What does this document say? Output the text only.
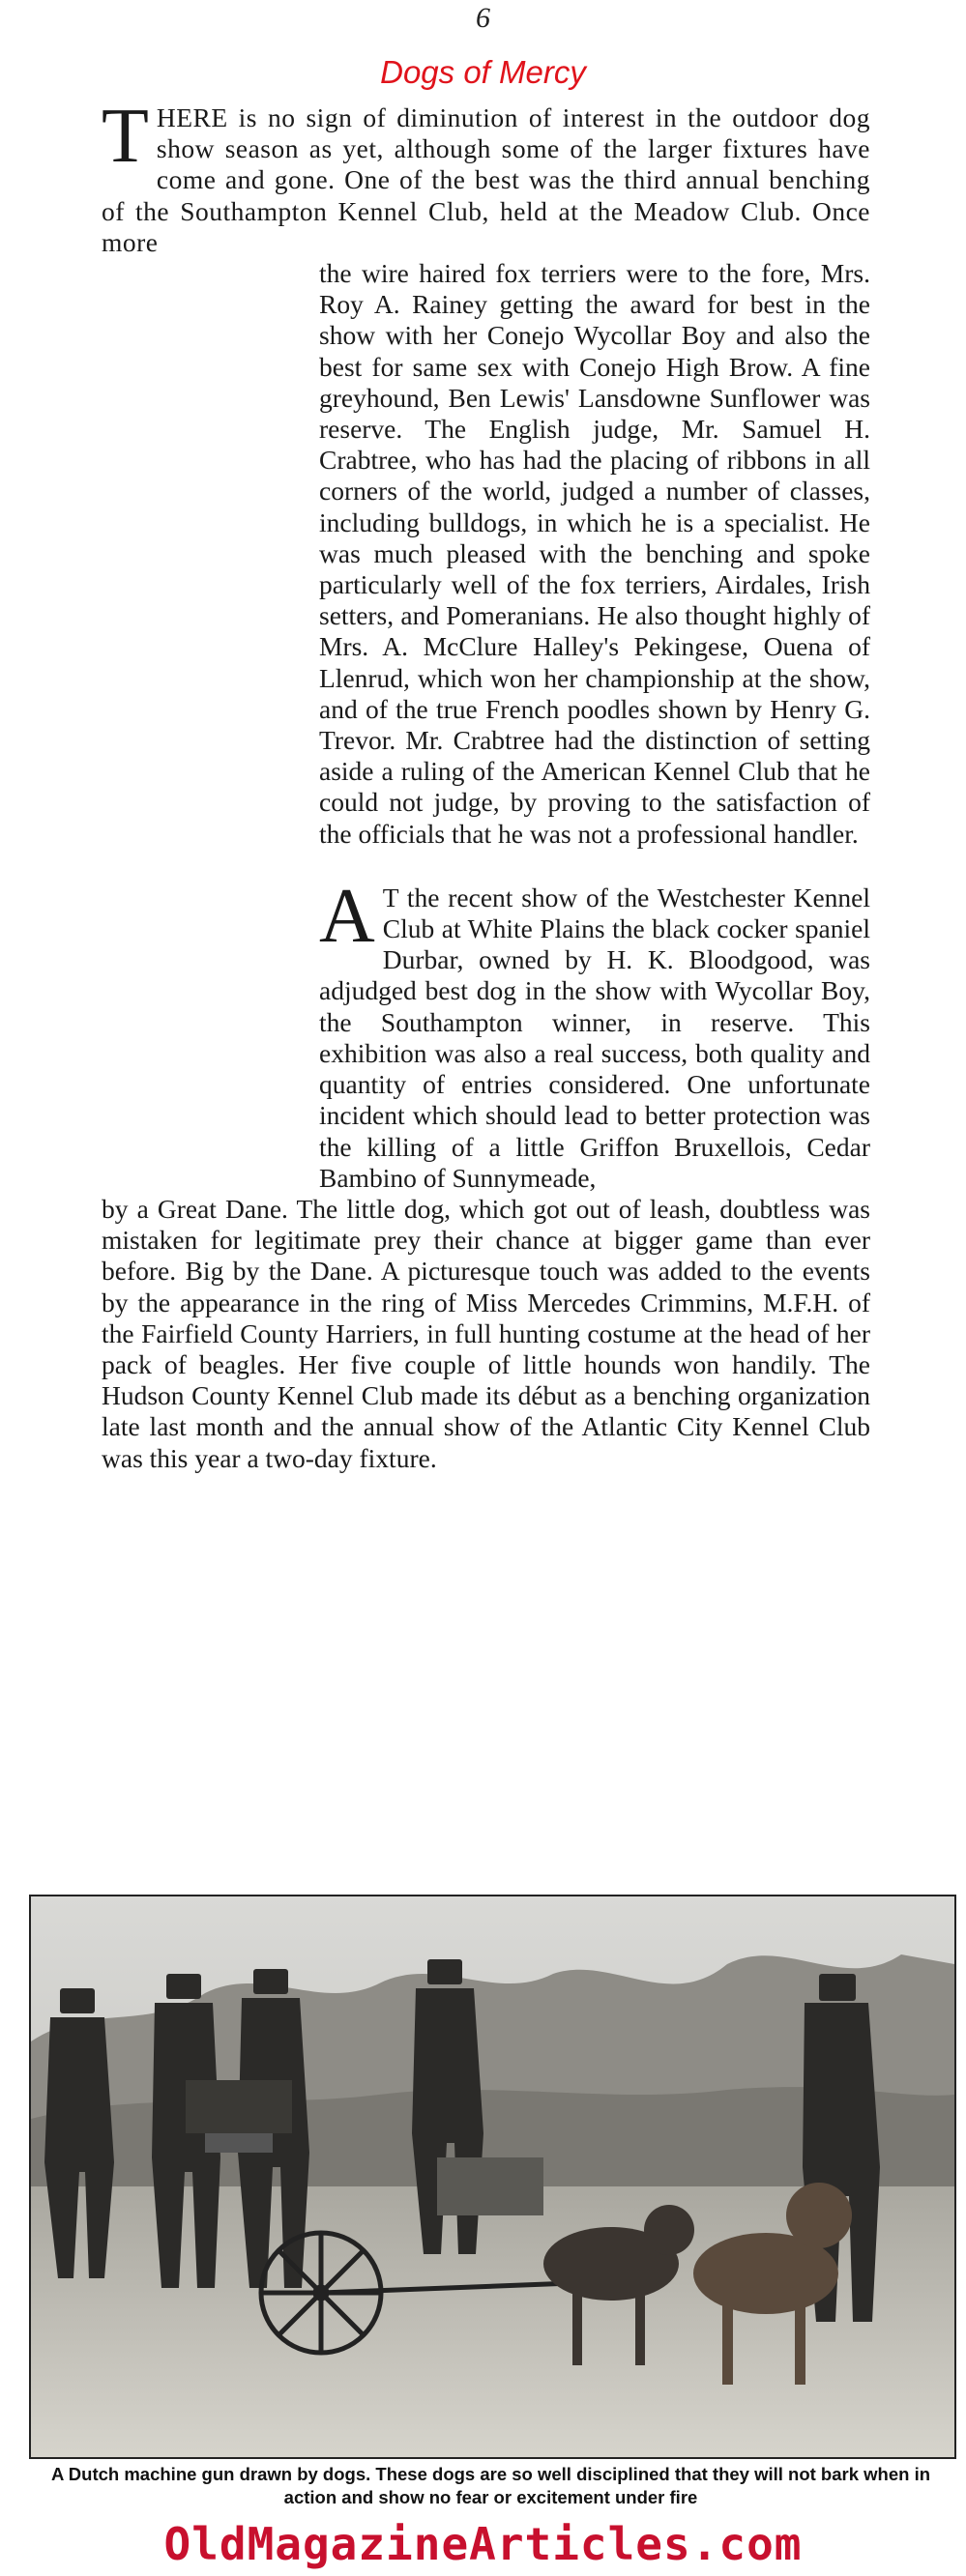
6
Dogs of Mercy

THERE is no sign of diminution of interest in the outdoor dog show season as yet, although some of the larger fixtures have come and gone. One of the best was the third annual benching of the Southampton Kennel Club, held at the Meadow Club. Once more
the wire haired fox terriers were to the fore, Mrs. Roy A. Rainey getting the award for best in the show with her Conejo Wycollar Boy and also the best for same sex with Conejo High Brow. A fine greyhound, Ben Lewis' Lansdowne Sunflower was reserve. The English judge, Mr. Samuel H. Crabtree, who has had the placing of ribbons in all corners of the world, judged a number of classes, including bulldogs, in which he is a specialist. He was much pleased with the benching and spoke particularly well of the fox terriers, Airdales, Irish setters, and Pomeranians. He also thought highly of Mrs. A. McClure Halley's Pekingese, Ouena of Llenrud, which won her championship at the show, and of the true French poodles shown by Henry G. Trevor. Mr. Crabtree had the distinction of setting aside a ruling of the American Kennel Club that he could not judge, by proving to the satisfaction of the officials that he was not a professional handler.

A T the recent show of the Westchester Kennel Club at White Plains the black cocker spaniel Durbar, owned by H. K. Bloodgood, was adjudged best dog in the show with Wycollar Boy, the Southampton winner, in reserve. This exhibition was also a real success, both quality and quantity of entries considered. One unfortunate incident which should lead to better protection was the killing of a little Griffon Bruxellois, Cedar Bambino of Sunnymeade,
by a Great Dane. The little dog, which got out of leash, doubtless was mistaken for legitimate prey their chance at bigger game than ever before. Big by the Dane. A picturesque touch was added to the events by the appearance in the ring of Miss Mercedes Crimmins, M.F.H. of the Fairfield County Harriers, in full hunting costume at the head of her pack of beagles. Her five couple of little hounds won handily. The Hudson County Kennel Club made its début as a benching organization late last month and the annual show of the Atlantic City Kennel Club was this year a two-day fixture.

A Dutch machine gun drawn by dogs. These dogs are so well disciplined that they will not bark when in action and show no fear or excitement under fire
OldMagazineArticles.com
